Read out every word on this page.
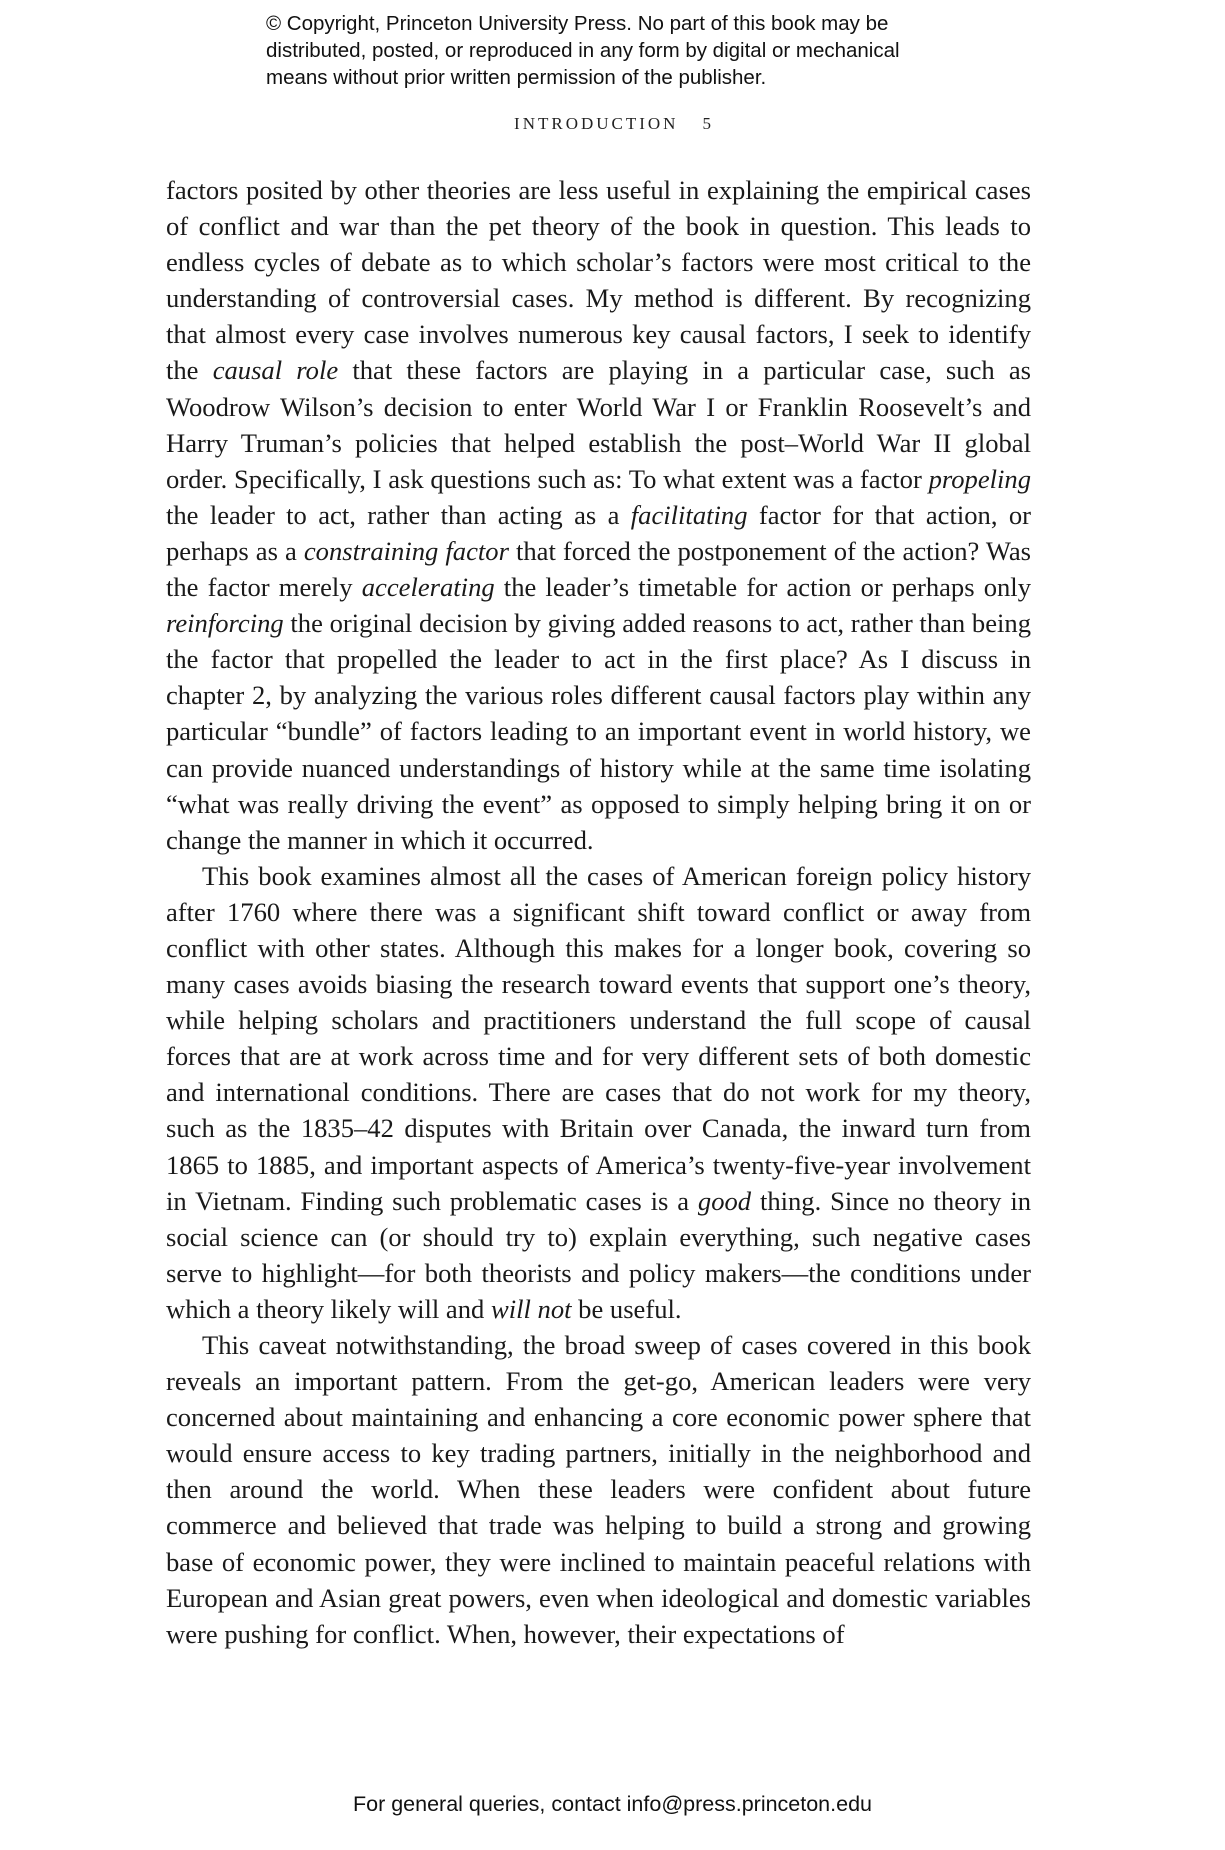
© Copyright, Princeton University Press. No part of this book may be
distributed, posted, or reproduced in any form by digital or mechanical
means without prior written permission of the publisher.
INTRODUCTION 5

factors posited by other theories are less useful in explaining the empirical cases of conflict and war than the pet theory of the book in question. This leads to endless cycles of debate as to which scholar’s factors were most critical to the understanding of controversial cases. My method is different. By recognizing that almost every case involves numerous key causal factors, I seek to identify the causal role that these factors are playing in a particular case, such as Woodrow Wilson’s decision to enter World War I or Franklin Roosevelt’s and Harry Truman’s policies that helped establish the post–World War II global order. Specifically, I ask questions such as: To what extent was a factor propeling the leader to act, rather than acting as a facilitating factor for that action, or perhaps as a constraining factor that forced the postponement of the action? Was the factor merely accelerating the leader’s timetable for action or perhaps only reinforcing the original decision by giving added reasons to act, rather than being the factor that propelled the leader to act in the first place? As I discuss in chapter 2, by analyzing the various roles different causal factors play within any particular “bundle” of factors leading to an important event in world history, we can provide nuanced understandings of history while at the same time isolating “what was really driving the event” as opposed to simply helping bring it on or change the manner in which it occurred.

This book examines almost all the cases of American foreign policy history after 1760 where there was a significant shift toward conflict or away from conflict with other states. Although this makes for a longer book, covering so many cases avoids biasing the research toward events that support one’s theory, while helping scholars and practitioners understand the full scope of causal forces that are at work across time and for very different sets of both domestic and international conditions. There are cases that do not work for my theory, such as the 1835–42 disputes with Britain over Canada, the inward turn from 1865 to 1885, and important aspects of America’s twenty-five-year involvement in Vietnam. Finding such problematic cases is a good thing. Since no theory in social science can (or should try to) explain everything, such negative cases serve to highlight—for both theorists and policy makers—the conditions under which a theory likely will and will not be useful.

This caveat notwithstanding, the broad sweep of cases covered in this book reveals an important pattern. From the get-go, American leaders were very concerned about maintaining and enhancing a core economic power sphere that would ensure access to key trading partners, initially in the neighborhood and then around the world. When these leaders were confident about future commerce and believed that trade was helping to build a strong and growing base of economic power, they were inclined to maintain peaceful relations with European and Asian great powers, even when ideological and domestic variables were pushing for conflict. When, however, their expectations of

For general queries, contact info@press.princeton.edu
